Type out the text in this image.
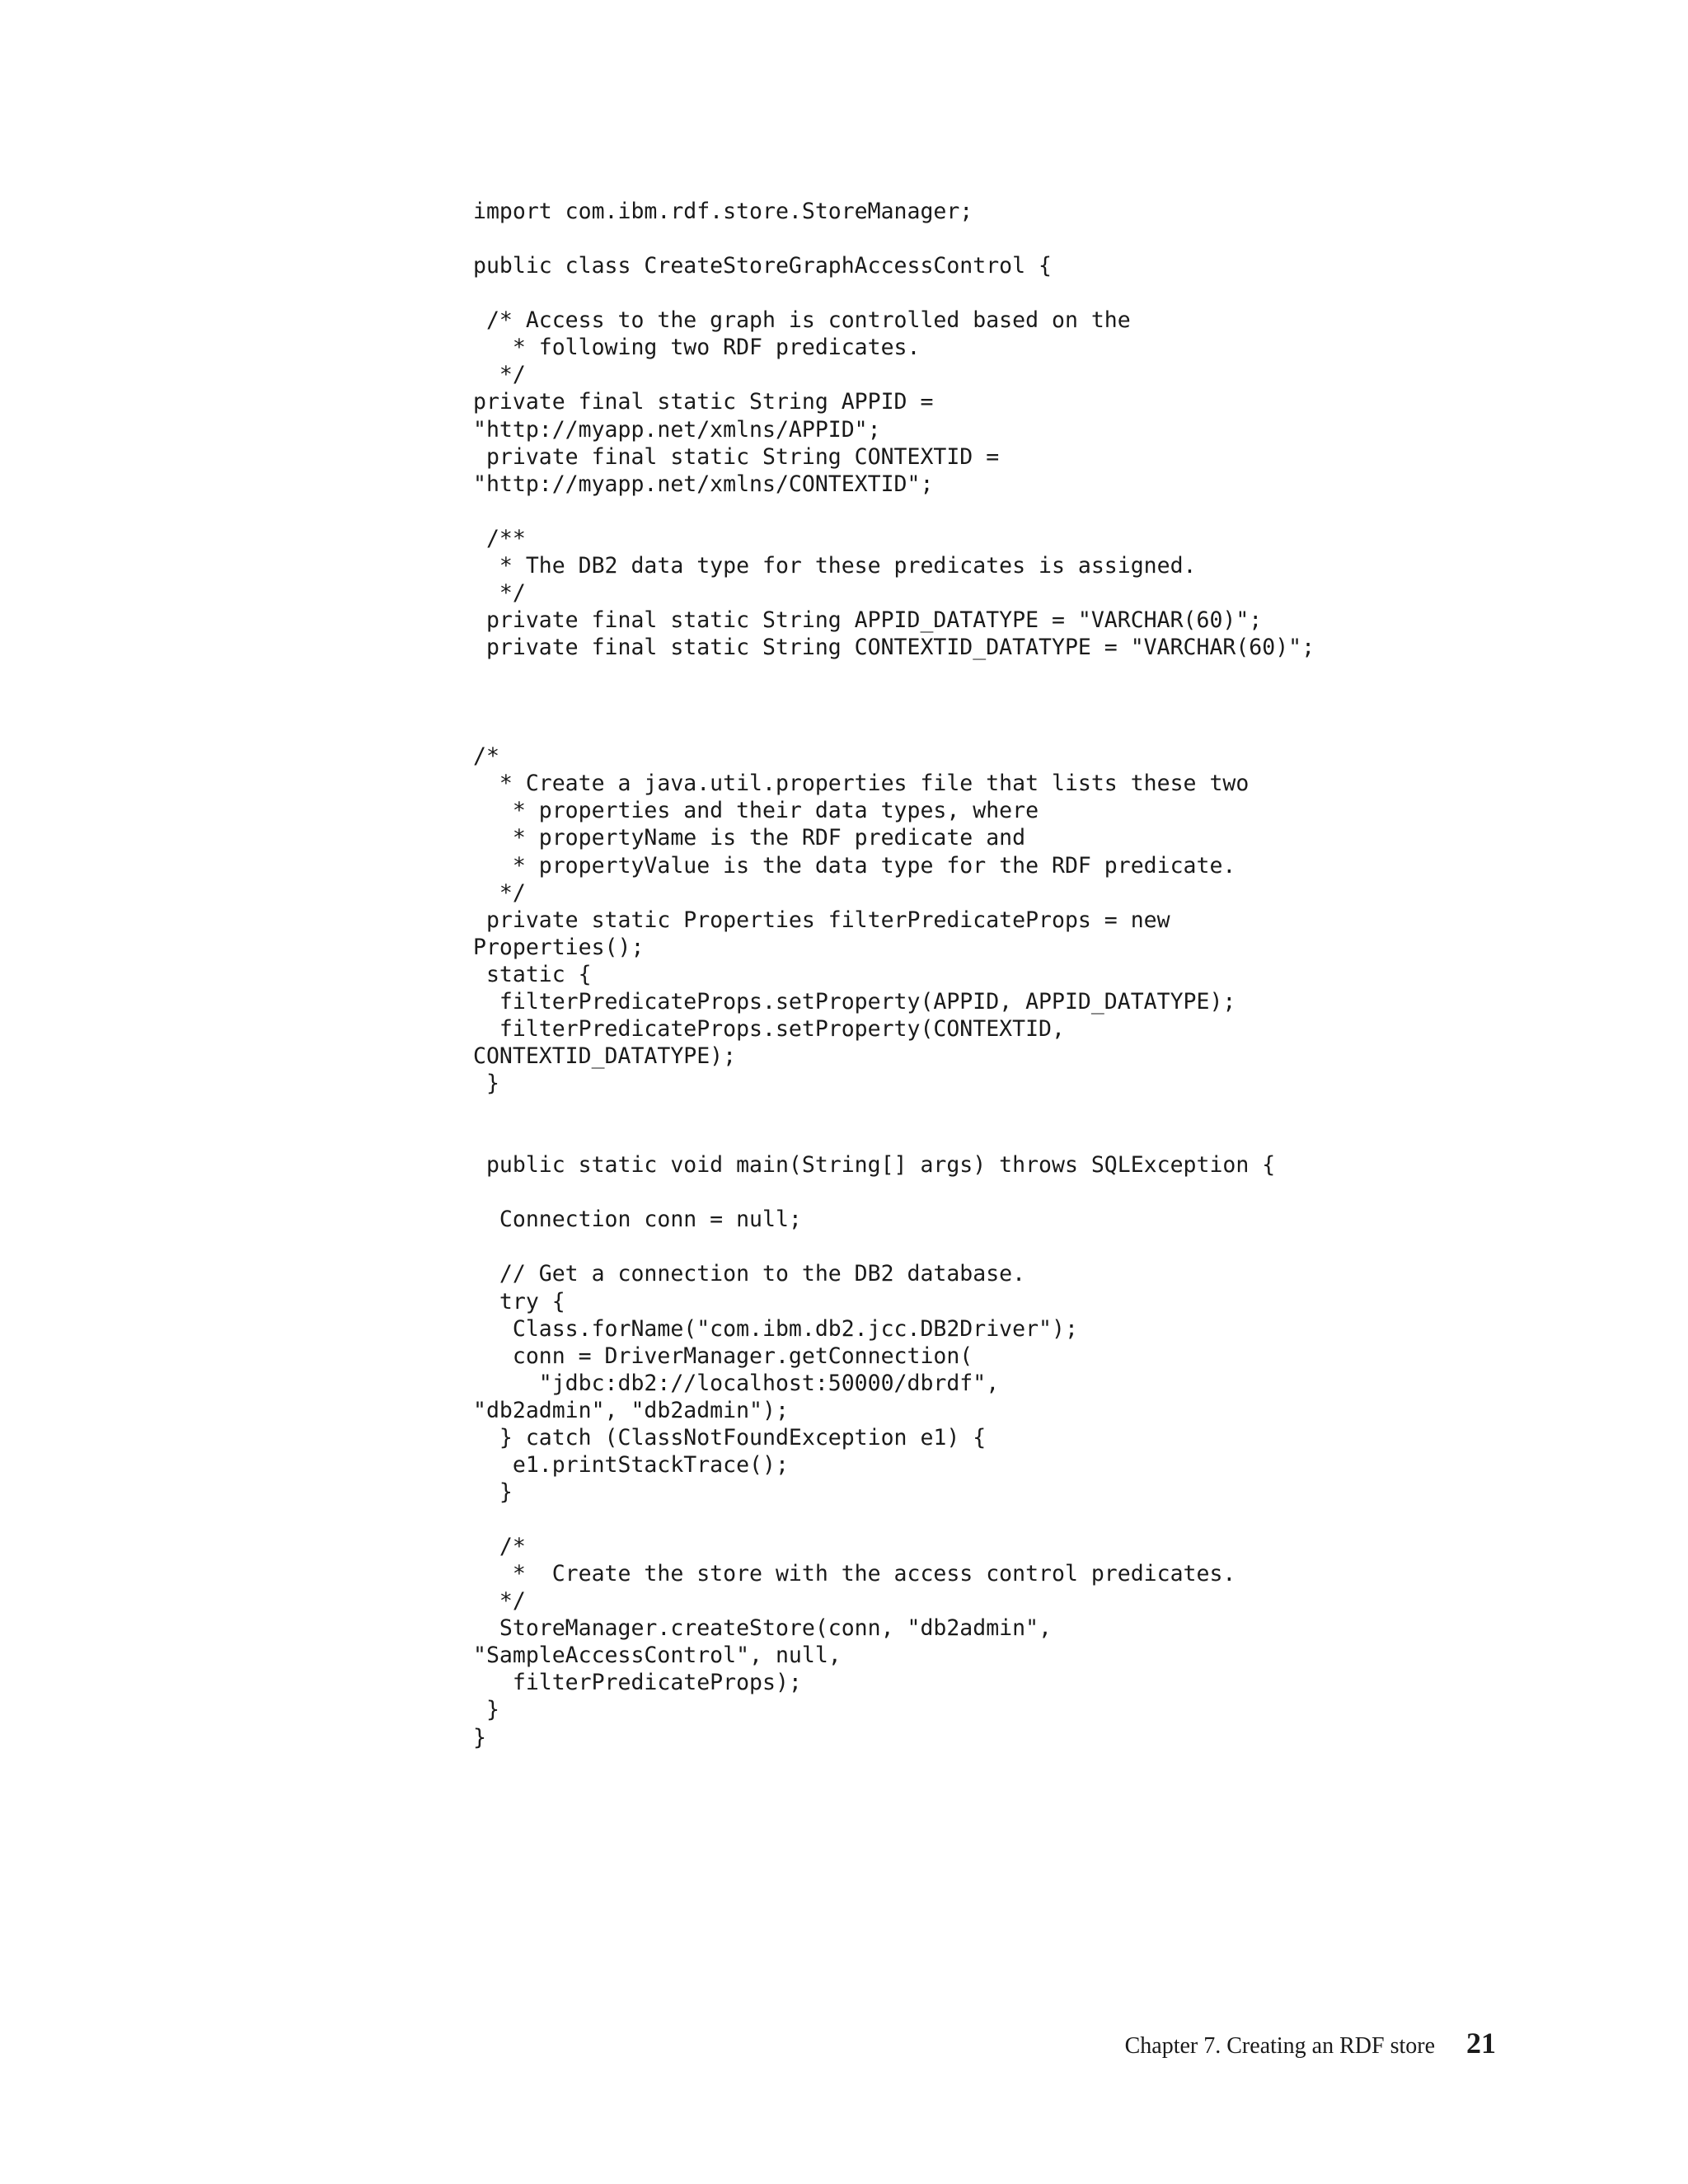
import com.ibm.rdf.store.StoreManager;
public class CreateStoreGraphAccessControl {
/* Access to the graph is controlled based on the
* following two RDF predicates.
*/
private final static String APPID =
"http://myapp.net/xmlns/APPID";
private final static String CONTEXTID =
"http://myapp.net/xmlns/CONTEXTID";
/**
* The DB2 data type for these predicates is assigned.
*/
private final static String APPID_DATATYPE = "VARCHAR(60)";
private final static String CONTEXTID_DATATYPE = "VARCHAR(60)";
/*
* Create a java.util.properties file that lists these two
* properties and their data types, where
* propertyName is the RDF predicate and
* propertyValue is the data type for the RDF predicate.
*/
private static Properties filterPredicateProps = new
Properties();
static {
filterPredicateProps.setProperty(APPID, APPID_DATATYPE);
filterPredicateProps.setProperty(CONTEXTID,
CONTEXTID_DATATYPE);
}
public static void main(String[] args) throws SQLException {
Connection conn = null;
// Get a connection to the DB2 database.
try {
Class.forName("com.ibm.db2.jcc.DB2Driver");
conn = DriverManager.getConnection(
"jdbc:db2://localhost:50000/dbrdf",
"db2admin", "db2admin");
} catch (ClassNotFoundException e1) {
e1.printStackTrace();
}
/*
*  Create the store with the access control predicates.
*/
StoreManager.createStore(conn, "db2admin",
"SampleAccessControl", null,
filterPredicateProps);
}
}
Chapter 7. Creating an RDF store 21
